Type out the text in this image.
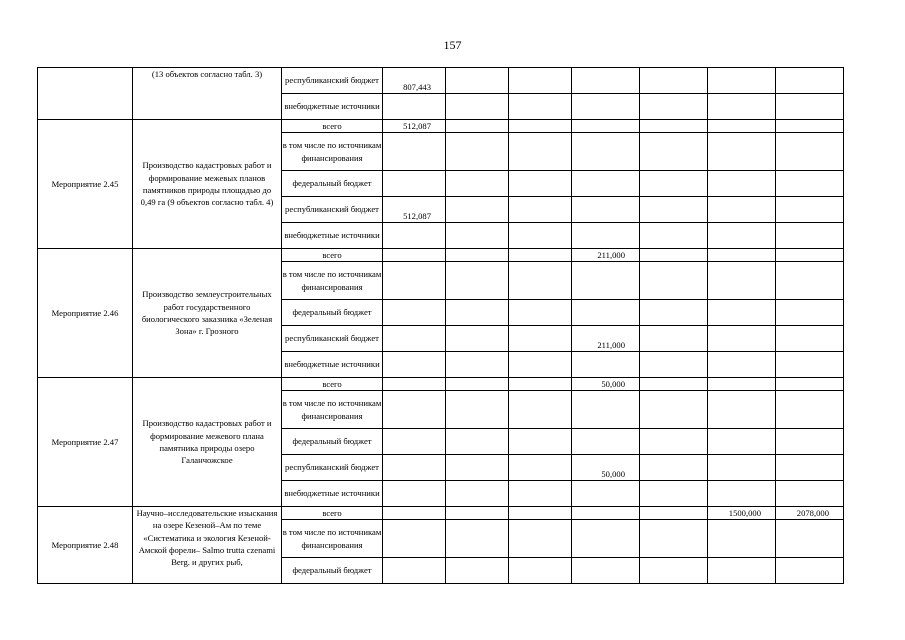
157
	(13 объектов согласно табл. 3)	республиканский бюджет	807,443						
		внебюджетные источники							
Мероприятие 2.45	Производство кадастровых работ и формирование межевых планов памятников природы площадью до 0,49 га (9 объектов согласно табл. 4)	всего	512,087						
		в том числе по источникам финансирования							
		федеральный бюджет							
		республиканский бюджет	512,087						
		внебюджетные источники							
Мероприятие 2.46	Производство землеустроительных работ государственного биологического заказника «Зеленая Зона» г. Грозного	всего				211,000			
		в том числе по источникам финансирования							
		федеральный бюджет							
		республиканский бюджет				211,000			
		внебюджетные источники							
Мероприятие 2.47	Производство кадастровых работ и формирование межевого плана памятника природы озеро Галанчожское	всего				50,000			
		в том числе по источникам финансирования							
		федеральный бюджет							
		республиканский бюджет				50,000			
		внебюджетные источники							
Мероприятие 2.48	Научно–исследовательские изыскания на озере Кезеной–Ам по теме «Систематика и экология Кезеной-Амской форели– Salmo trutta czenami Berg. и других рыб,	всего						1500,000	2078,000
		в том числе по источникам финансирования							
		федеральный бюджет							
